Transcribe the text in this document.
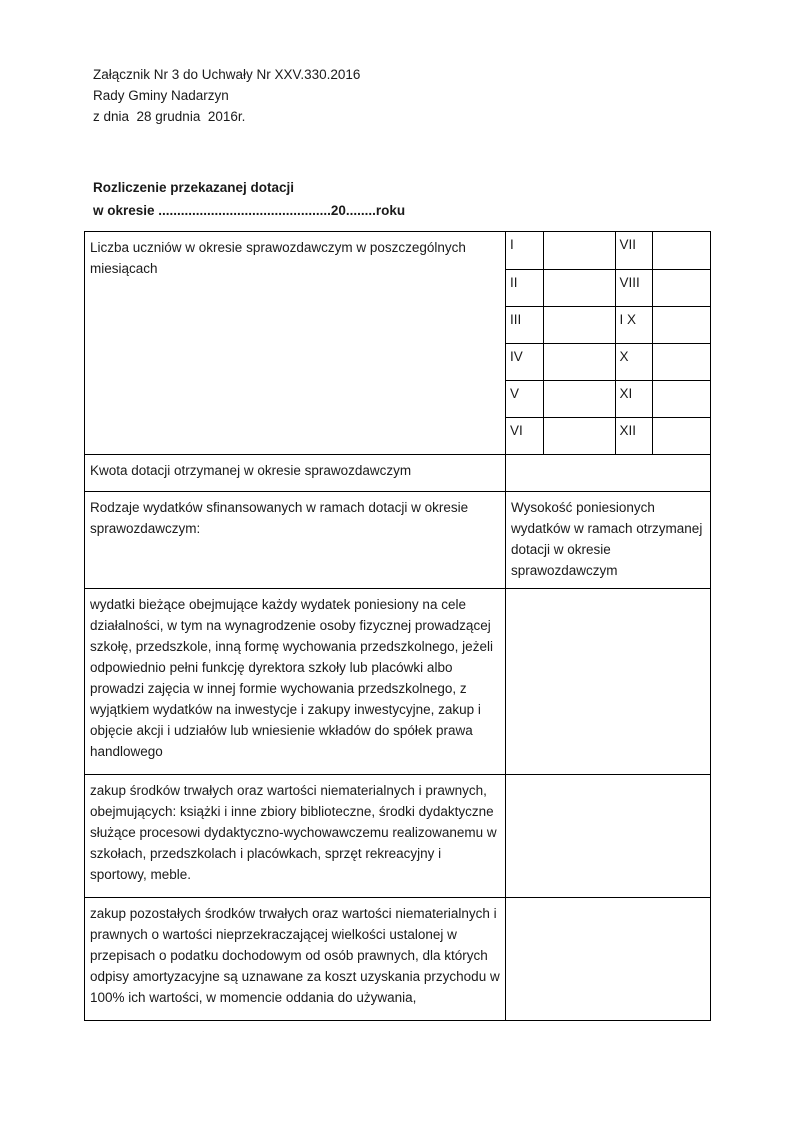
Załącznik Nr 3 do Uchwały Nr XXV.330.2016
Rady Gminy Nadarzyn
z dnia  28 grudnia  2016r.
Rozliczenie przekazanej dotacji
w okresie ..............................................20........roku
Liczba uczniów w okresie sprawozdawczym w poszczególnych miesiącach	
I		VII	
II		VIII	
III		I X	
IV		X	
V		XI	
VI		XII	

Kwota dotacji otrzymanej w okresie sprawozdawczym	
Rodzaje wydatków sfinansowanych w ramach dotacji w okresie sprawozdawczym:	Wysokość poniesionych wydatków w ramach otrzymanej dotacji w okresie sprawozdawczym
wydatki bieżące obejmujące każdy wydatek poniesiony na cele działalności, w tym na wynagrodzenie osoby fizycznej prowadzącej szkołę, przedszkole, inną formę wychowania przedszkolnego, jeżeli odpowiednio pełni funkcję dyrektora szkoły lub placówki albo prowadzi zajęcia w innej formie wychowania przedszkolnego, z wyjątkiem wydatków na inwestycje i zakupy inwestycyjne, zakup i objęcie akcji i udziałów lub wniesienie wkładów do spółek prawa handlowego	
zakup środków trwałych oraz wartości niematerialnych i prawnych, obejmujących: książki i inne zbiory biblioteczne, środki dydaktyczne służące procesowi dydaktyczno-wychowawczemu realizowanemu w szkołach, przedszkolach i placówkach, sprzęt rekreacyjny i sportowy, meble.	
zakup pozostałych środków trwałych oraz wartości niematerialnych i prawnych o wartości nieprzekraczającej wielkości ustalonej w przepisach o podatku dochodowym od osób prawnych, dla których odpisy amortyzacyjne są uznawane za koszt uzyskania przychodu w 100% ich wartości, w momencie oddania do używania,	
